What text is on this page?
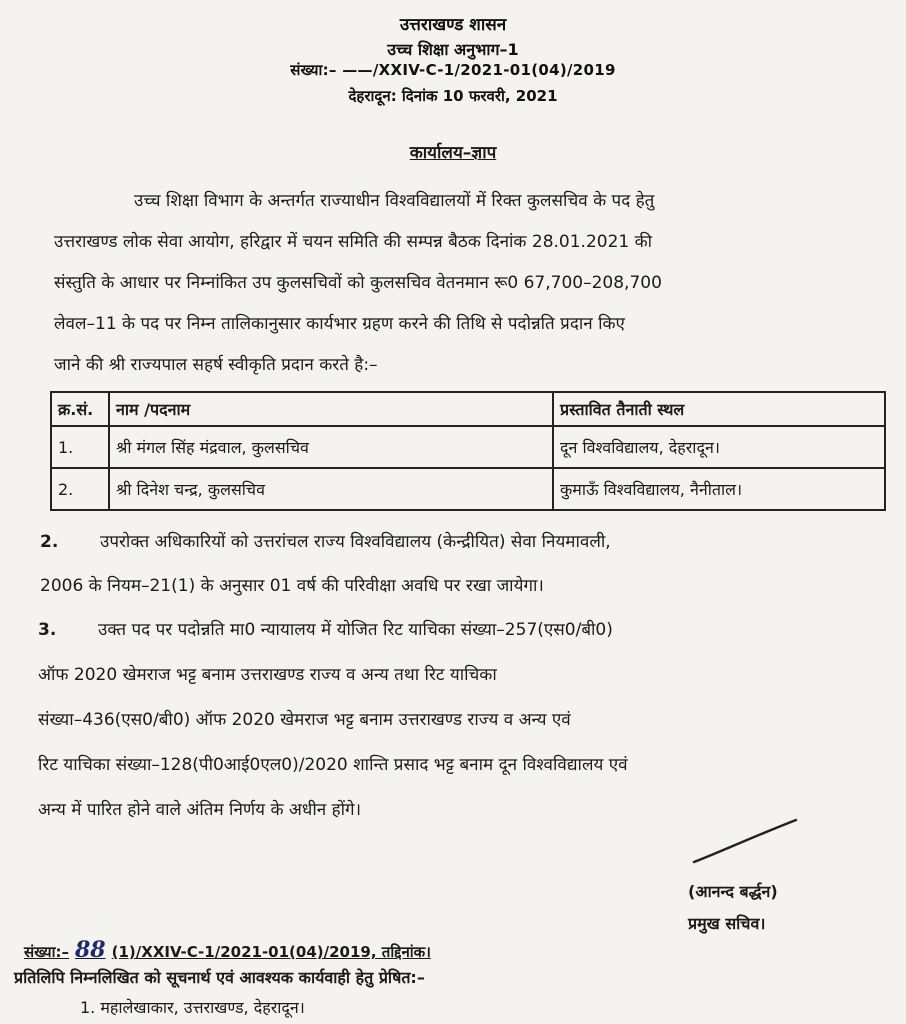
उत्तराखण्ड शासन
उच्च शिक्षा अनुभाग–1
संख्या:– ——/XXIV-C-1/2021-01(04)/2019
देहरादून: दिनांक 10 फरवरी, 2021
कार्यालय–ज्ञाप
उच्च शिक्षा विभाग के अन्तर्गत राज्याधीन विश्वविद्यालयों में रिक्त कुलसचिव के पद हेतु
उत्तराखण्ड लोक सेवा आयोग, हरिद्वार में चयन समिति की सम्पन्न बैठक दिनांक 28.01.2021 की
संस्तुति के आधार पर निम्नांकित उप कुलसचिवों को कुलसचिव वेतनमान रू0 67,700–208,700
लेवल–11 के पद पर निम्न तालिकानुसार कार्यभार ग्रहण करने की तिथि से पदोन्नति प्रदान किए
जाने की श्री राज्यपाल सहर्ष स्वीकृति प्रदान करते है:–
क्र.सं.	नाम /पदनाम	प्रस्तावित तैनाती स्थल
1.	श्री मंगल सिंह मंद्रवाल, कुलसचिव	दून विश्वविद्यालय, देहरादून।
2.	श्री दिनेश चन्द्र, कुलसचिव	कुमाऊँ विश्वविद्यालय, नैनीताल।
2. उपरोक्त अधिकारियों को उत्तरांचल राज्य विश्वविद्यालय (केन्द्रीयित) सेवा नियमावली,
2006 के नियम–21(1) के अनुसार 01 वर्ष की परिवीक्षा अवधि पर रखा जायेगा।
3. उक्त पद पर पदोन्नति मा0 न्यायालय में योजित रिट याचिका संख्या–257(एस0/बी0)
ऑफ 2020 खेमराज भट्ट बनाम उत्तराखण्ड राज्य व अन्य तथा रिट याचिका
संख्या–436(एस0/बी0) ऑफ 2020 खेमराज भट्ट बनाम उत्तराखण्ड राज्य व अन्य एवं
रिट याचिका संख्या–128(पी0आई0एल0)/2020 शान्ति प्रसाद भट्ट बनाम दून विश्वविद्यालय एवं
अन्य में पारित होने वाले अंतिम निर्णय के अधीन होंगे।
(आनन्द बर्द्धन)
प्रमुख सचिव।
संख्या:– 88 (1)/XXIV-C-1/2021-01(04)/2019, तद्दिनांक।
प्रतिलिपि निम्नलिखित को सूचनार्थ एवं आवश्यक कार्यवाही हेतु प्रेषित:–
1. महालेखाकार, उत्तराखण्ड, देहरादून।
